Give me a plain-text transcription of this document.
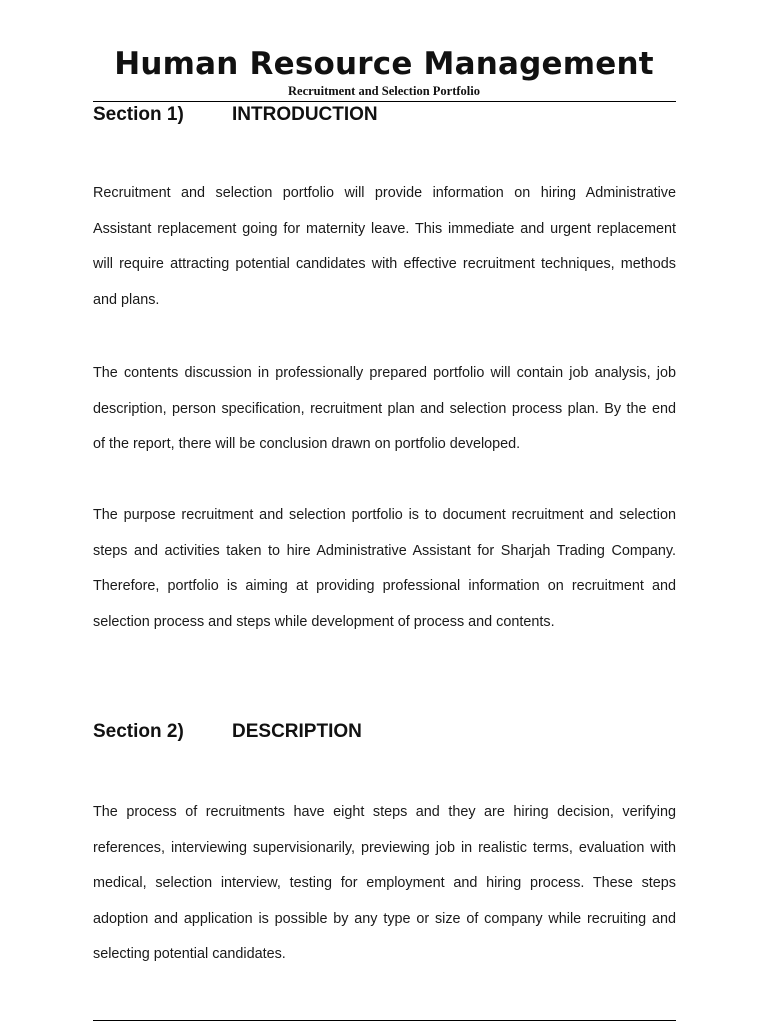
Human Resource Management
Recruitment and Selection Portfolio
Section 1)	INTRODUCTION

Recruitment and selection portfolio will provide information on hiring Administrative Assistant replacement going for maternity leave. This immediate and urgent replacement will require attracting potential candidates with effective recruitment techniques, methods and plans.

The contents discussion in professionally prepared portfolio will contain job analysis, job description, person specification, recruitment plan and selection process plan. By the end of the report, there will be conclusion drawn on portfolio developed.

The purpose recruitment and selection portfolio is to document recruitment and selection steps and activities taken to hire Administrative Assistant for Sharjah Trading Company. Therefore, portfolio is aiming at providing professional information on recruitment and selection process and steps while development of process and contents.

Section 2)	DESCRIPTION

The process of recruitments have eight steps and they are hiring decision, verifying references, interviewing supervisionarily, previewing job in realistic terms, evaluation with medical, selection interview, testing for employment and hiring process. These steps adoption and application is possible by any type or size of company while recruiting and selecting potential candidates.
